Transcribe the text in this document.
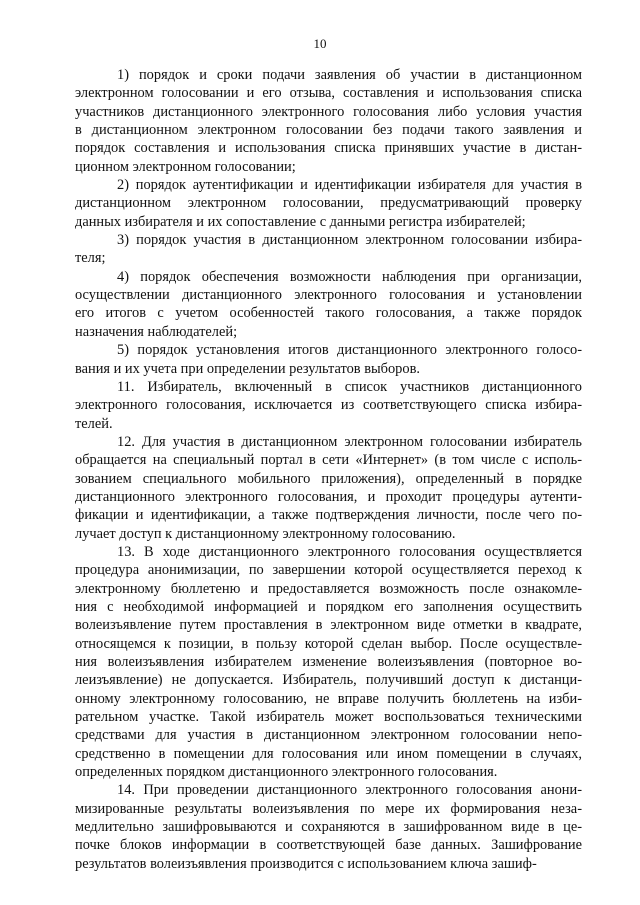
10
1) порядок и сроки подачи заявления об участии в дистанционном
электронном голосовании и его отзыва, составления и использования списка
участников дистанционного электронного голосования либо условия участия
в дистанционном электронном голосовании без подачи такого заявления и
порядок составления и использования списка принявших участие в дистан-
ционном электронном голосовании;
2) порядок аутентификации и идентификации избирателя для участия в
дистанционном электронном голосовании, предусматривающий проверку
данных избирателя и их сопоставление с данными регистра избирателей;
3) порядок участия в дистанционном электронном голосовании избира-
теля;
4) порядок обеспечения возможности наблюдения при организации,
осуществлении дистанционного электронного голосования и установлении
его итогов с учетом особенностей такого голосования, а также порядок
назначения наблюдателей;
5) порядок установления итогов дистанционного электронного голосо-
вания и их учета при определении результатов выборов.
11. Избиратель, включенный в список участников дистанционного
электронного голосования, исключается из соответствующего списка избира-
телей.
12. Для участия в дистанционном электронном голосовании избиратель
обращается на специальный портал в сети «Интернет» (в том числе с исполь-
зованием специального мобильного приложения), определенный в порядке
дистанционного электронного голосования, и проходит процедуры аутенти-
фикации и идентификации, а также подтверждения личности, после чего по-
лучает доступ к дистанционному электронному голосованию.
13. В ходе дистанционного электронного голосования осуществляется
процедура анонимизации, по завершении которой осуществляется переход к
электронному бюллетеню и предоставляется возможность после ознакомле-
ния с необходимой информацией и порядком его заполнения осуществить
волеизъявление путем проставления в электронном виде отметки в квадрате,
относящемся к позиции, в пользу которой сделан выбор. После осуществле-
ния волеизъявления избирателем изменение волеизъявления (повторное во-
леизъявление) не допускается. Избиратель, получивший доступ к дистанци-
онному электронному голосованию, не вправе получить бюллетень на изби-
рательном участке. Такой избиратель может воспользоваться техническими
средствами для участия в дистанционном электронном голосовании непо-
средственно в помещении для голосования или ином помещении в случаях,
определенных порядком дистанционного электронного голосования.
14. При проведении дистанционного электронного голосования анони-
мизированные результаты волеизъявления по мере их формирования неза-
медлительно зашифровываются и сохраняются в зашифрованном виде в це-
почке блоков информации в соответствующей базе данных. Зашифрование
результатов волеизъявления производится с использованием ключа зашиф-
